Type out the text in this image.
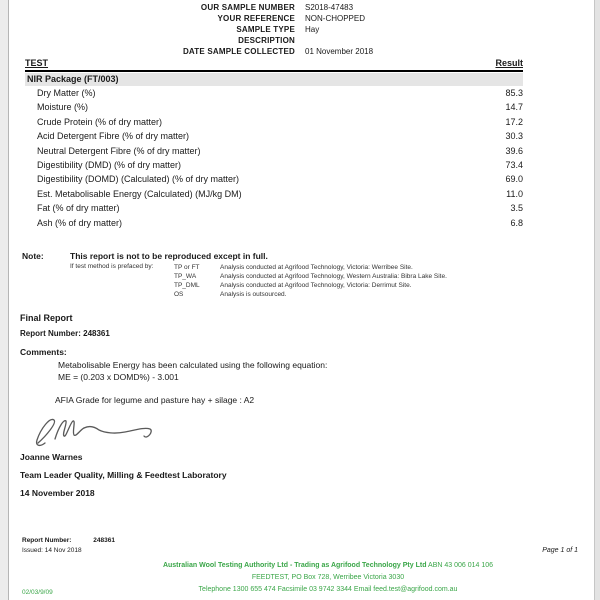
OUR SAMPLE NUMBER	S2018-47483
YOUR REFERENCE	NON-CHOPPED
SAMPLE TYPE	Hay
DESCRIPTION
DATE SAMPLE COLLECTED	01 November 2018
TEST	Result
NIR Package (FT/003)
Dry Matter (%)	85.3
Moisture (%)	14.7
Crude Protein (% of dry matter)	17.2
Acid Detergent Fibre (% of dry matter)	30.3
Neutral Detergent Fibre (% of dry matter)	39.6
Digestibility (DMD) (% of dry matter)	73.4
Digestibility (DOMD) (Calculated) (% of dry matter)	69.0
Est. Metabolisable Energy (Calculated) (MJ/kg DM)	11.0
Fat (% of dry matter)	3.5
Ash (% of dry matter)	6.8
Note:	This report is not to be reproduced except in full.
If test method is prefaced by:	TP or FT	Analysis conducted at Agrifood Technology, Victoria: Werribee Site.
TP_WA	Analysis conducted at Agrifood Technology, Western Australia: Bibra Lake Site.
TP_DML	Analysis conducted at Agrifood Technology, Victoria: Derrimut Site.
OS	Analysis is outsourced.
Final Report
Report Number: 248361
Comments:
Metabolisable Energy has been calculated using the following equation:
ME = (0.203 x DOMD%) - 3.001
AFIA Grade for legume and pasture hay + silage : A2
Joanne Warnes
Team Leader Quality, Milling & Feedtest Laboratory
14 November 2018
Report Number:	248361
Issued: 14 Nov 2018	Page 1 of 1
Australian Wool Testing Authority Ltd - Trading as Agrifood Technology Pty Ltd ABN 43 006 014 106
FEEDTEST, PO Box 728, Werribee Victoria 3030
Telephone 1300 655 474 Facsimile 03 9742 3344 Email feed.test@agrifood.com.au
02/03/9/09
